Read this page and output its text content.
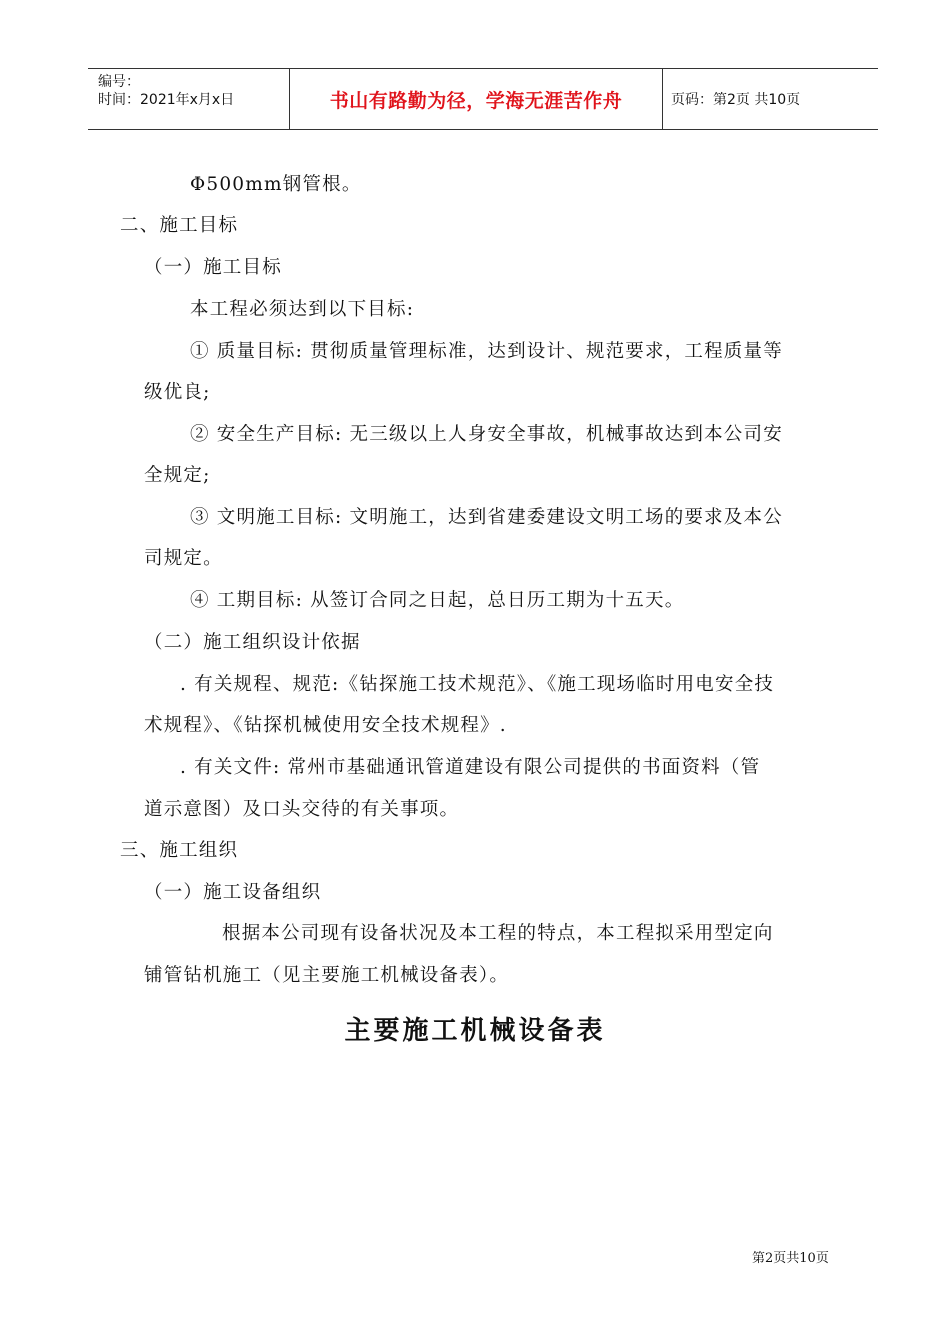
编号：
时间：2021年x月x日	书山有路勤为径，学海无涯苦作舟	页码：第2页 共10页
Φ500mm钢管根。
二、施工目标
（一）施工目标
本工程必须达到以下目标:
① 质量目标: 贯彻质量管理标准，达到设计、规范要求，工程质量等
级优良;
② 安全生产目标: 无三级以上人身安全事故，机械事故达到本公司安
全规定;
③ 文明施工目标: 文明施工，达到省建委建设文明工场的要求及本公
司规定。
④ 工期目标: 从签订合同之日起，总日历工期为十五天。
（二）施工组织设计依据
. 有关规程、规范:《钻探施工技术规范》、《施工现场临时用电安全技
术规程》、《钻探机械使用安全技术规程》.
. 有关文件: 常州市基础通讯管道建设有限公司提供的书面资料（管
道示意图）及口头交待的有关事项。
三、施工组织
（一）施工设备组织
根据本公司现有设备状况及本工程的特点，本工程拟采用型定向
铺管钻机施工（见主要施工机械设备表）。
主要施工机械设备表
第2页共10页
